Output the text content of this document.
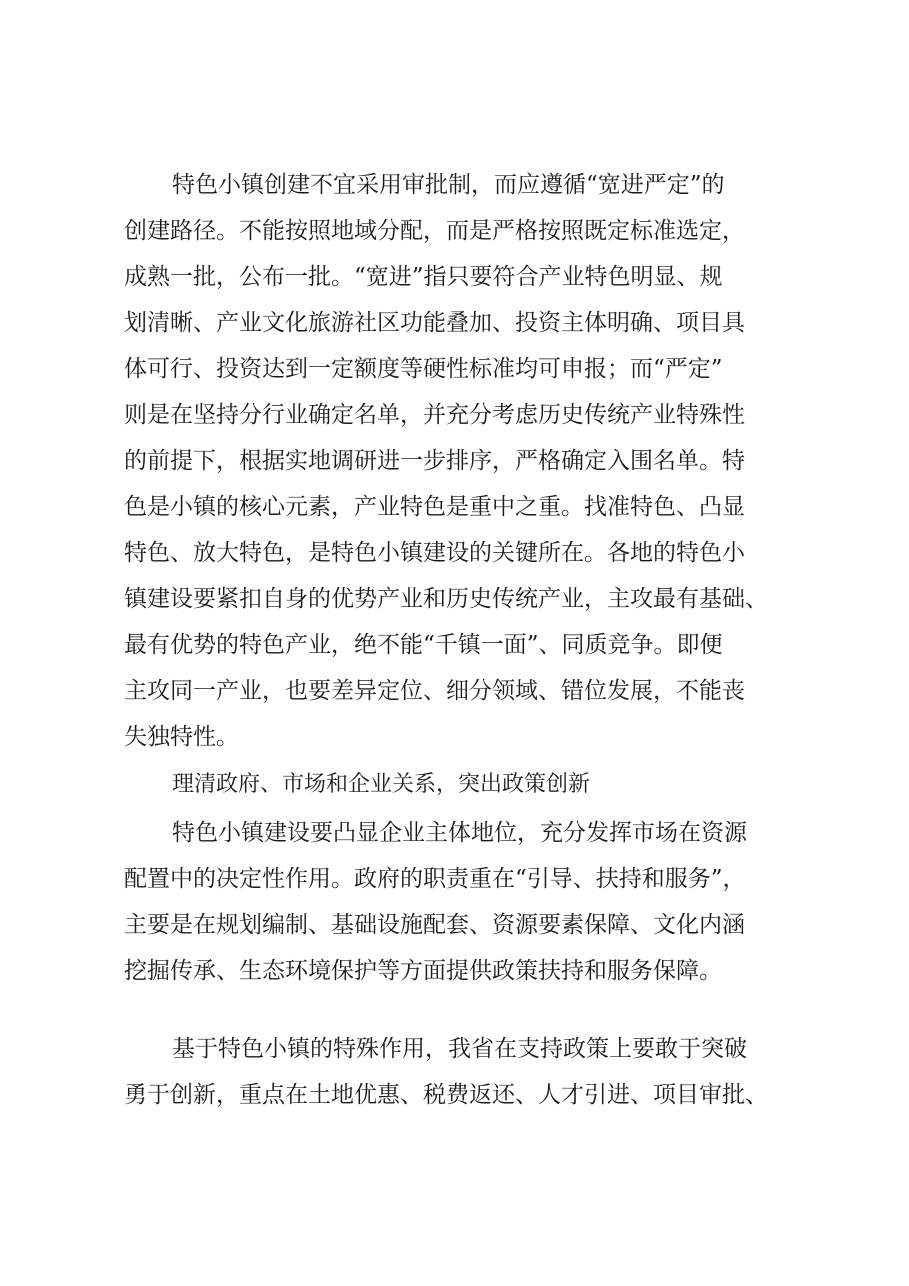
特色小镇创建不宜采用审批制，而应遵循“宽进严定”的
创建路径。不能按照地域分配，而是严格按照既定标准选定，
成熟一批，公布一批。“宽进”指只要符合产业特色明显、规
划清晰、产业文化旅游社区功能叠加、投资主体明确、项目具
体可行、投资达到一定额度等硬性标准均可申报；而“严定”
则是在坚持分行业确定名单，并充分考虑历史传统产业特殊性
的前提下，根据实地调研进一步排序，严格确定入围名单。特
色是小镇的核心元素，产业特色是重中之重。找准特色、凸显
特色、放大特色，是特色小镇建设的关键所在。各地的特色小
镇建设要紧扣自身的优势产业和历史传统产业，主攻最有基础、
最有优势的特色产业，绝不能“千镇一面”、同质竞争。即便
主攻同一产业，也要差异定位、细分领域、错位发展，不能丧
失独特性。
理清政府、市场和企业关系，突出政策创新
特色小镇建设要凸显企业主体地位，充分发挥市场在资源
配置中的决定性作用。政府的职责重在“引导、扶持和服务”，
主要是在规划编制、基础设施配套、资源要素保障、文化内涵
挖掘传承、生态环境保护等方面提供政策扶持和服务保障。
基于特色小镇的特殊作用，我省在支持政策上要敢于突破
勇于创新，重点在土地优惠、税费返还、人才引进、项目审批、
